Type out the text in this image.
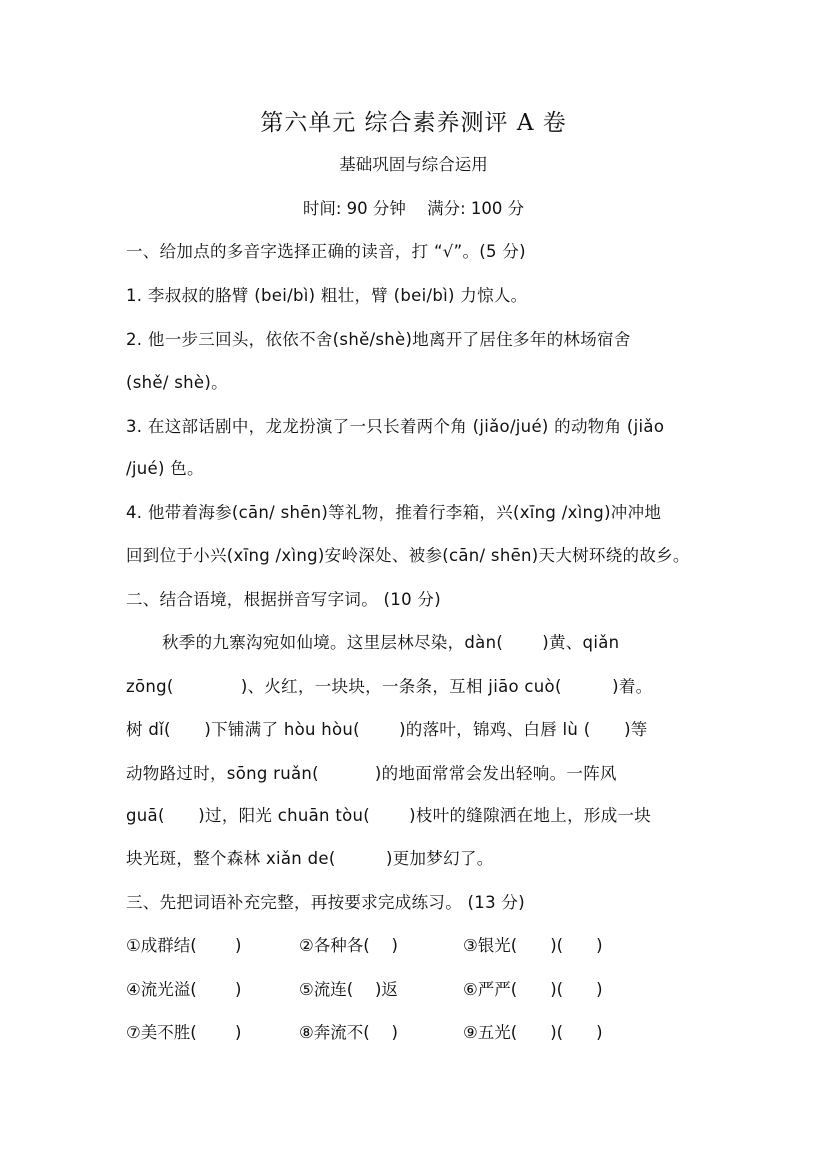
第六单元 综合素养测评 A 卷
基础巩固与综合运用
时间: 90 分钟 满分: 100 分
一、给加点的多音字选择正确的读音，打 “√”。(5 分)
1. 李叔叔的胳臂 (bei/bì) 粗壮，臂 (bei/bì) 力惊人。
2. 他一步三回头，依依不舍(shě/shè)地离开了居住多年的林场宿舍
(shě/ shè)。
3. 在这部话剧中，龙龙扮演了一只长着两个角 (jiǎo/jué) 的动物角 (jiǎo
/jué) 色。
4. 他带着海参(cān/ shēn)等礼物，推着行李箱，兴(xīng /xìng)冲冲地
回到位于小兴(xīng /xìng)安岭深处、被参(cān/ shēn)天大树环绕的故乡。
二、结合语境，根据拼音写字词。 (10 分)
秋季的九寨沟宛如仙境。这里层林尽染，dàn(　　 )黄、qiǎn
zōng(　　　　)、火红，一块块，一条条，互相 jiāo cuò(　　　)着。
树 dǐ(　　)下铺满了 hòu hòu(　　 )的落叶，锦鸡、白唇 lù (　　)等
动物路过时，sōng ruǎn(　　　 )的地面常常会发出轻响。一阵风
guā(　　)过，阳光 chuān tòu(　　 )枝叶的缝隙洒在地上，形成一块
块光斑，整个森林 xiǎn de(　　　)更加梦幻了。
三、先把词语补充完整，再按要求完成练习。 (13 分)
①成群结(　　 )	②各种各(　 )	③银光(　　)(　　)
④流光溢(　　 )	⑤流连(　 )返	⑥严严(　　)(　　)
⑦美不胜(　　 )	⑧奔流不(　 )	⑨五光(　　)(　　)
